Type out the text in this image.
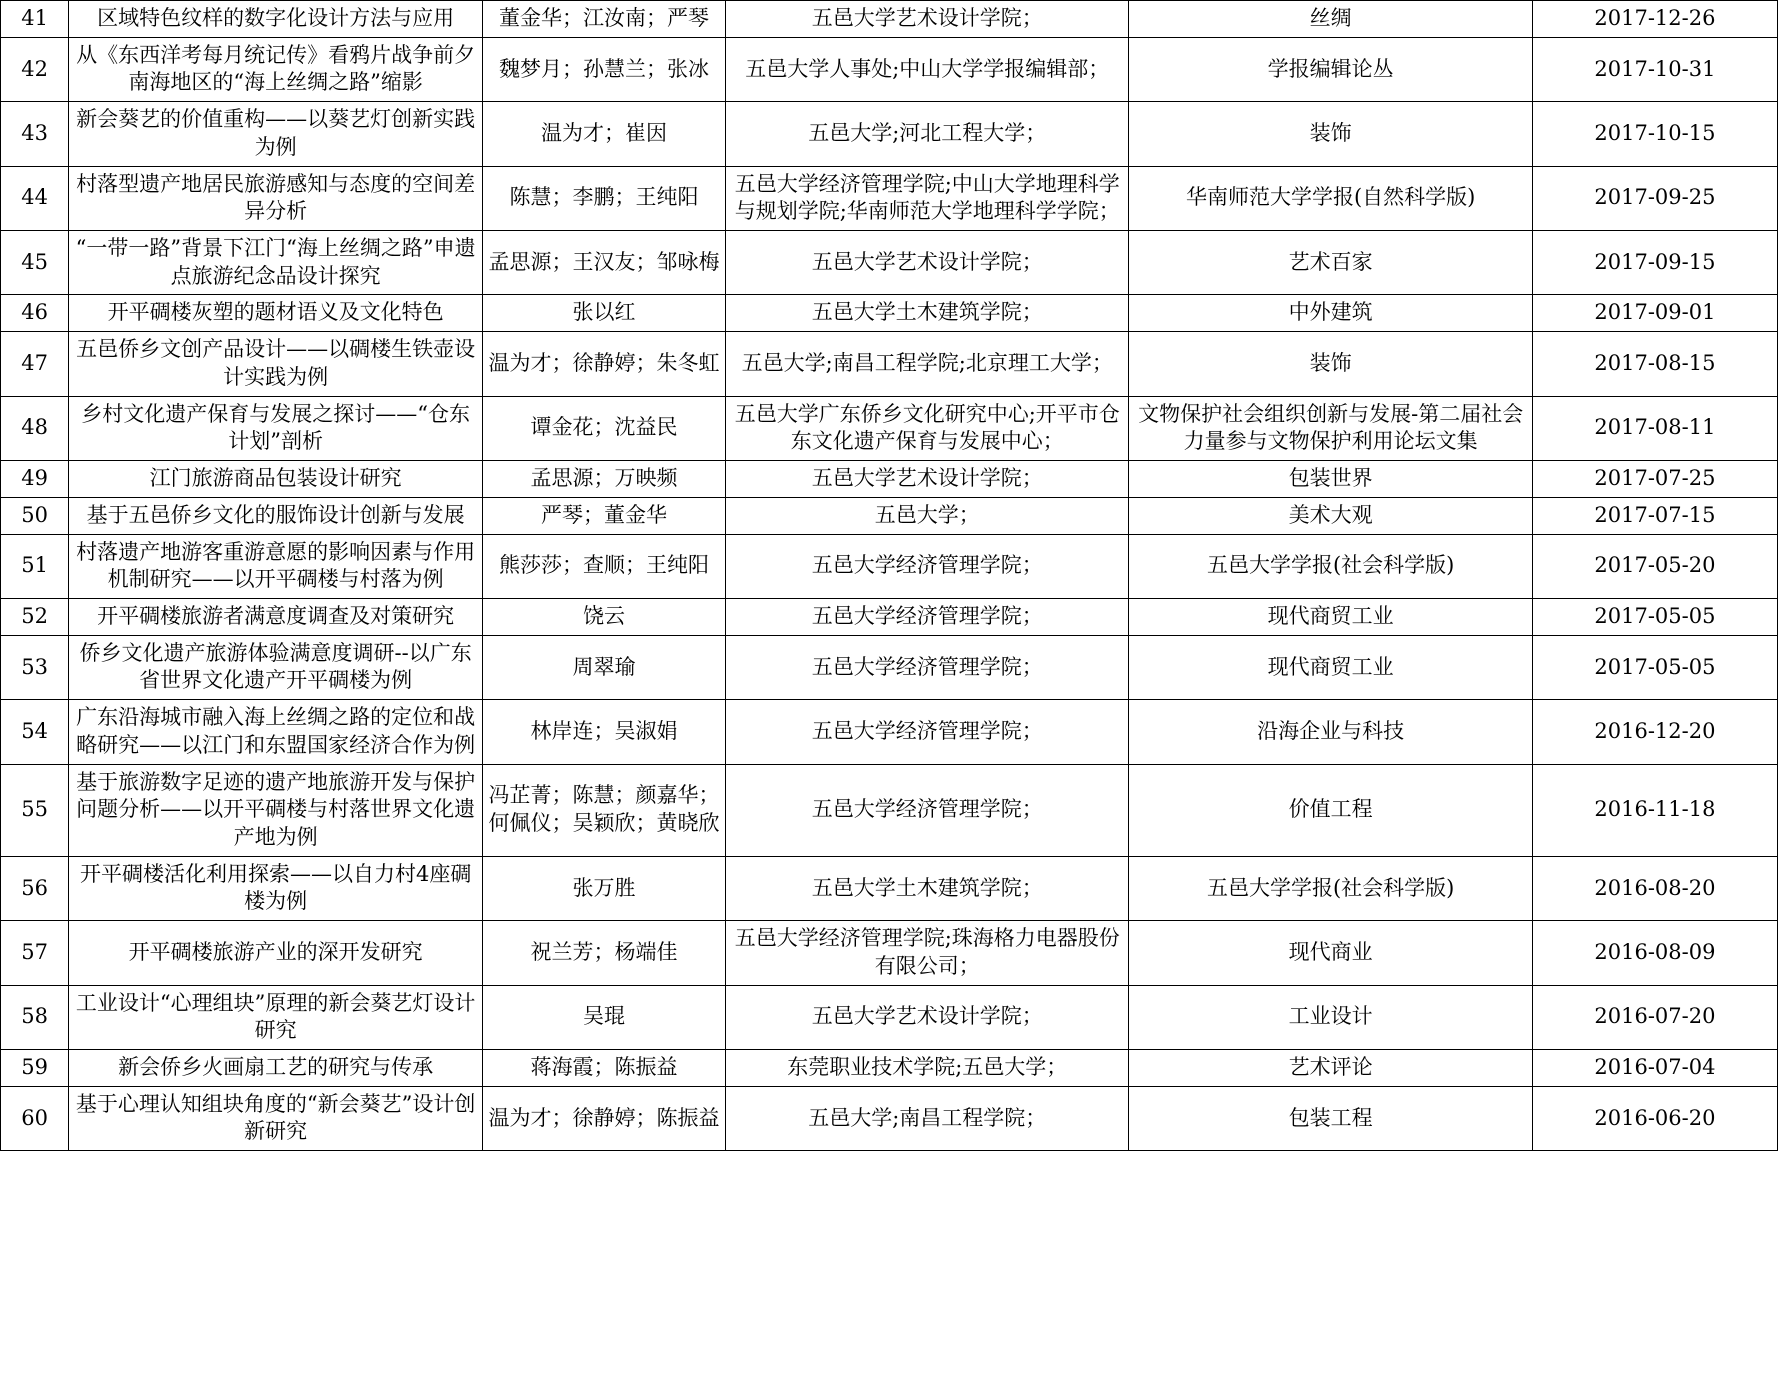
41	区域特色纹样的数字化设计方法与应用	董金华；江汝南；严琴	五邑大学艺术设计学院；	丝绸	2017-12-26
42	从《东西洋考每月统记传》看鸦片战争前夕南海地区的“海上丝绸之路”缩影	魏梦月；孙慧兰；张冰	五邑大学人事处;中山大学学报编辑部；	学报编辑论丛	2017-10-31
43	新会葵艺的价值重构——以葵艺灯创新实践为例	温为才；崔因	五邑大学;河北工程大学；	装饰	2017-10-15
44	村落型遗产地居民旅游感知与态度的空间差异分析	陈慧；李鹏；王纯阳	五邑大学经济管理学院;中山大学地理科学与规划学院;华南师范大学地理科学学院；	华南师范大学学报(自然科学版)	2017-09-25
45	“一带一路”背景下江门“海上丝绸之路”申遗点旅游纪念品设计探究	孟思源；王汉友；邹咏梅	五邑大学艺术设计学院；	艺术百家	2017-09-15
46	开平碉楼灰塑的题材语义及文化特色	张以红	五邑大学土木建筑学院；	中外建筑	2017-09-01
47	五邑侨乡文创产品设计——以碉楼生铁壶设计实践为例	温为才；徐静婷；朱冬虹	五邑大学;南昌工程学院;北京理工大学；	装饰	2017-08-15
48	乡村文化遗产保育与发展之探讨——“仓东计划”剖析	谭金花；沈益民	五邑大学广东侨乡文化研究中心;开平市仓东文化遗产保育与发展中心；	文物保护社会组织创新与发展-第二届社会力量参与文物保护利用论坛文集	2017-08-11
49	江门旅游商品包装设计研究	孟思源；万映频	五邑大学艺术设计学院；	包装世界	2017-07-25
50	基于五邑侨乡文化的服饰设计创新与发展	严琴；董金华	五邑大学；	美术大观	2017-07-15
51	村落遗产地游客重游意愿的影响因素与作用机制研究——以开平碉楼与村落为例	熊莎莎；查顺；王纯阳	五邑大学经济管理学院；	五邑大学学报(社会科学版)	2017-05-20
52	开平碉楼旅游者满意度调查及对策研究	饶云	五邑大学经济管理学院；	现代商贸工业	2017-05-05
53	侨乡文化遗产旅游体验满意度调研--以广东省世界文化遗产开平碉楼为例	周翠瑜	五邑大学经济管理学院；	现代商贸工业	2017-05-05
54	广东沿海城市融入海上丝绸之路的定位和战略研究——以江门和东盟国家经济合作为例	林岸连；吴淑娟	五邑大学经济管理学院；	沿海企业与科技	2016-12-20
55	基于旅游数字足迹的遗产地旅游开发与保护问题分析——以开平碉楼与村落世界文化遗产地为例	冯芷菁；陈慧；颜嘉华；何佩仪；吴颖欣；黄晓欣	五邑大学经济管理学院；	价值工程	2016-11-18
56	开平碉楼活化利用探索——以自力村4座碉楼为例	张万胜	五邑大学土木建筑学院；	五邑大学学报(社会科学版)	2016-08-20
57	开平碉楼旅游产业的深开发研究	祝兰芳；杨端佳	五邑大学经济管理学院;珠海格力电器股份有限公司；	现代商业	2016-08-09
58	工业设计“心理组块”原理的新会葵艺灯设计研究	吴琨	五邑大学艺术设计学院；	工业设计	2016-07-20
59	新会侨乡火画扇工艺的研究与传承	蒋海霞；陈振益	东莞职业技术学院;五邑大学；	艺术评论	2016-07-04
60	基于心理认知组块角度的“新会葵艺”设计创新研究	温为才；徐静婷；陈振益	五邑大学;南昌工程学院；	包装工程	2016-06-20
